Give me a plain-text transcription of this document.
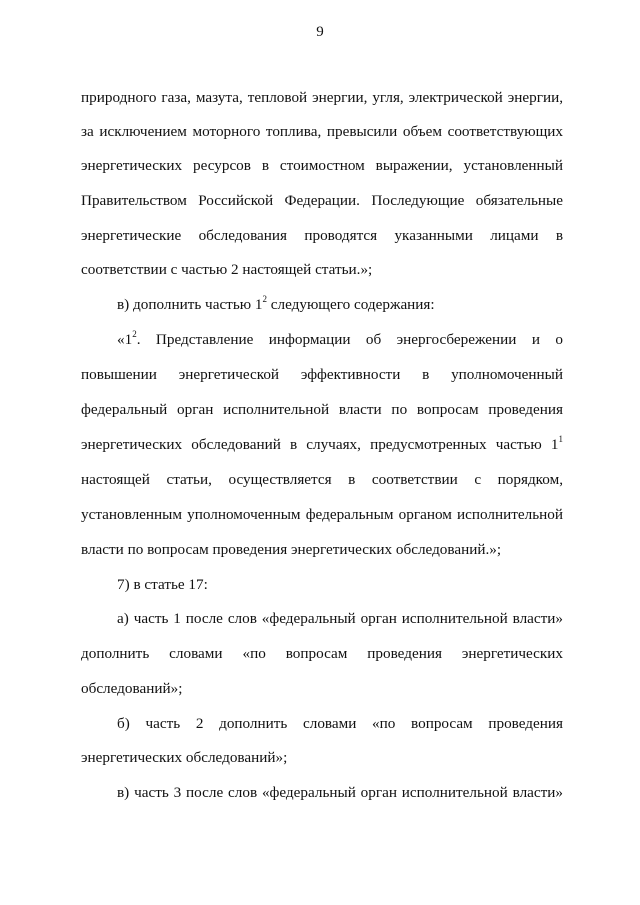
9
природного газа, мазута, тепловой энергии, угля, электрической энергии,
за исключением моторного топлива, превысили объем соответствующих
энергетических ресурсов в стоимостном выражении, установленный
Правительством Российской Федерации. Последующие обязательные
энергетические обследования проводятся указанными лицами в
соответствии с частью 2 настоящей статьи.»;
в) дополнить частью $1^2$ следующего содержания:
«$1^2$. Представление информации об энергосбережении и о
повышении энергетической эффективности в уполномоченный
федеральный орган исполнительной власти по вопросам проведения
энергетических обследований в случаях, предусмотренных частью $1^1$
настоящей статьи, осуществляется в соответствии с порядком,
установленным уполномоченным федеральным органом исполнительной
власти по вопросам проведения энергетических обследований.»;
7) в статье 17:
а) часть 1 после слов «федеральный орган исполнительной власти»
дополнить словами «по вопросам проведения энергетических
обследований»;
б) часть 2 дополнить словами «по вопросам проведения
энергетических обследований»;
в) часть 3 после слов «федеральный орган исполнительной власти»
